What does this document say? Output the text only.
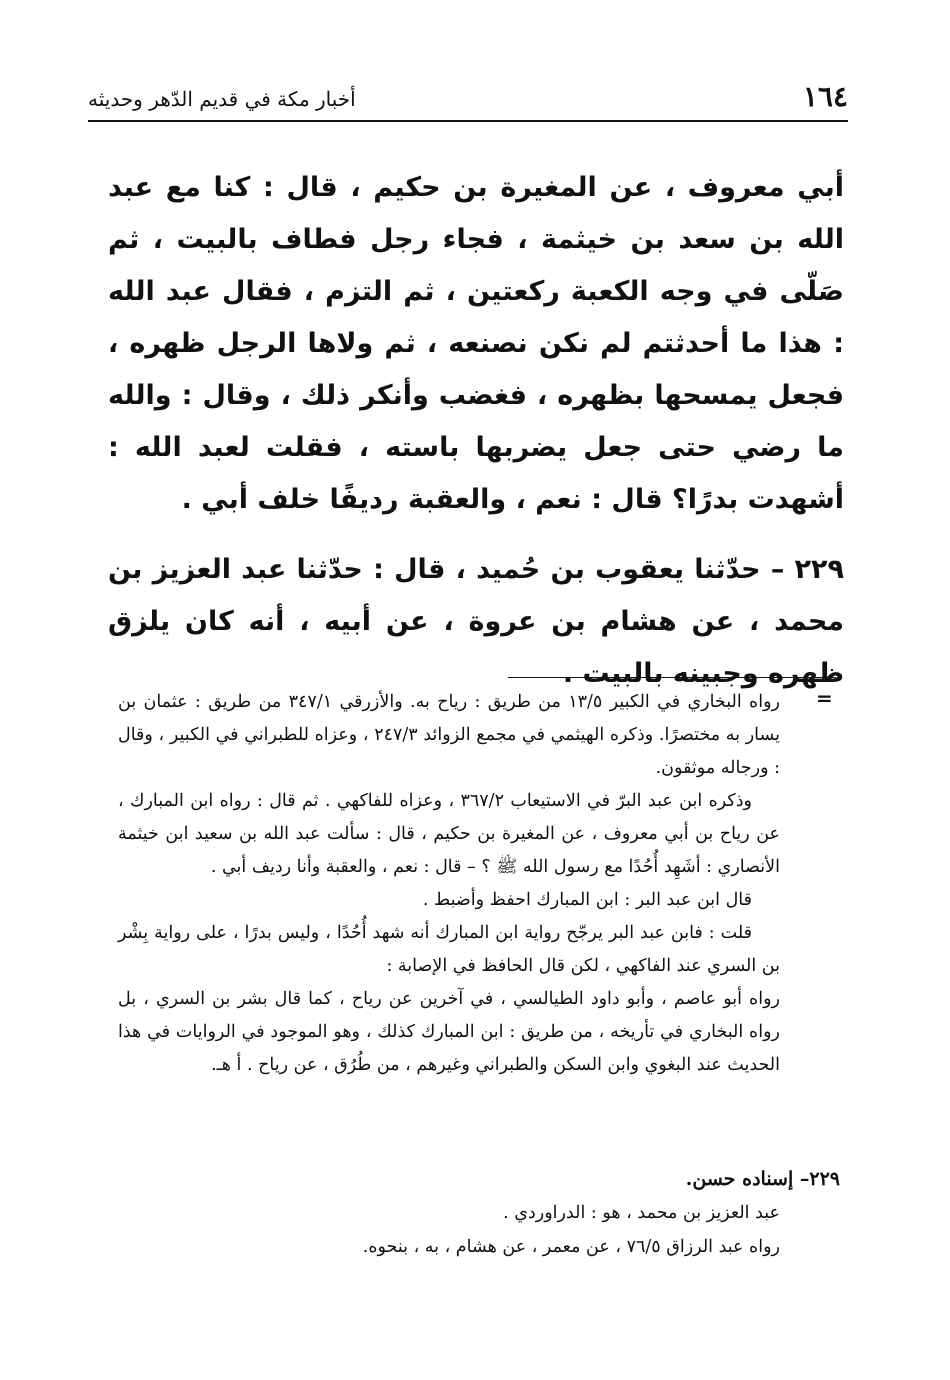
١٦٤
أخبار مكة في قديم الدّهر وحديثه

أبي معروف ، عن المغيرة بن حكيم ، قال : كنا مع عبد الله بن سعد بن خيثمة ، فجاء رجل فطاف بالبيت ، ثم صَلّى في وجه الكعبة ركعتين ، ثم التزم ، فقال عبد الله : هذا ما أحدثتم لم نكن نصنعه ، ثم ولاها الرجل ظهره ، فجعل يمسحها بظهره ، فغضب وأنكر ذلك ، وقال : والله ما رضي حتى جعل يضربها باسته ، فقلت لعبد الله : أشهدت بدرًا؟ قال : نعم ، والعقبة رديفًا خلف أبي .

٢٢٩ – حدّثنا يعقوب بن حُميد ، قال : حدّثنا عبد العزيز بن محمد ، عن هشام بن عروة ، عن أبيه ، أنه كان يلزق ظهره وجبينه بالبيت .

=

رواه البخاري في الكبير ١٣/٥ من طريق : رياح به. والأزرقي ٣٤٧/١ من طريق : عثمان بن يسار به مختصرًا. وذكره الهيثمي في مجمع الزوائد ٢٤٧/٣ ، وعزاه للطبراني في الكبير ، وقال : ورجاله موثقون.

وذكره ابن عبد البرّ في الاستيعاب ٣٦٧/٢ ، وعزاه للفاكهي . ثم قال : رواه ابن المبارك ، عن رياح بن أبي معروف ، عن المغيرة بن حكيم ، قال : سألت عبد الله بن سعيد ابن خيثمة الأنصاري : أشَهِد أُحُدًا مع رسول الله ﷺ ؟ – قال : نعم ، والعقبة وأنا رديف أبي .

قال ابن عبد البر : ابن المبارك احفظ وأضبط .

قلت : فابن عبد البر يرجّح رواية ابن المبارك أنه شهد أُحُدًا ، وليس بدرًا ، على رواية بِشْر بن السري عند الفاكهي ، لكن قال الحافظ في الإصابة :

رواه أبو عاصم ، وأبو داود الطيالسي ، في آخرين عن رياح ، كما قال بشر بن السري ، بل رواه البخاري في تأريخه ، من طريق : ابن المبارك كذلك ، وهو الموجود في الروايات في هذا الحديث عند البغوي وابن السكن والطبراني وغيرهم ، من طُرُق ، عن رياح . أ هـ.

٢٢٩– إسناده حسن.

عبد العزيز بن محمد ، هو : الدراوردي .

رواه عبد الرزاق ٧٦/٥ ، عن معمر ، عن هشام ، به ، بنحوه.
